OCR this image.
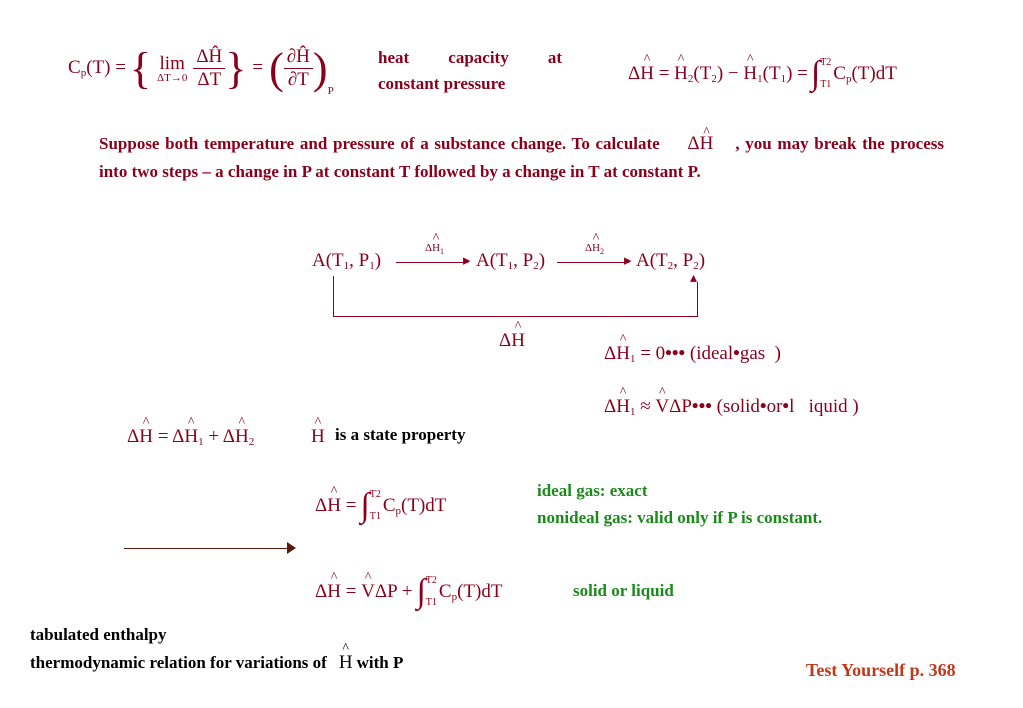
$C_p(T)$ = { lim
$\Delta T\to 0 \frac{\Delta Ĥ}{\Delta T}$ } = ( $\frac{\partial Ĥ}{\partial T}$ ) P
heat capacity at
constant pressure	Δ^ H = ^ $H_2(T_2)$ − ^ $H_1(T_1)$ = ∫ T2
T1
$C_p(T)dT$
Suppose both temperature and pressure of a substance change. To calculate Δ^ H , you may break the process into two steps – a change in P at constant T followed by a change in T at constant P.
$A(T_1$, $P_1$)
Δ^ $H_1$
▸ $A(T_1$, $P_2$)
Δ^ $H_2$
▸ $A(T_2$, $P_2$)
▴
Δ^ H
Δ^ $H_1$ = 0••• (ideal•gas  )
Δ^ $H_1$ ≈ ^ VΔP••• (solid•or•l   iquid )
Δ^ H = Δ^ $H_1$ + Δ^ $H_2$	^ H is a state property
Δ^ H = ∫ T2
T1
$C_p(T)dT$
ideal gas: exact
nonideal gas: valid only if P is constant.
Δ^ H = ^ VΔP + ∫ T2
T1
$C_p(T)dT$	solid or liquid
tabulated enthalpy
thermodynamic relation for variations of ^ H with P	Test Yourself p. 368
